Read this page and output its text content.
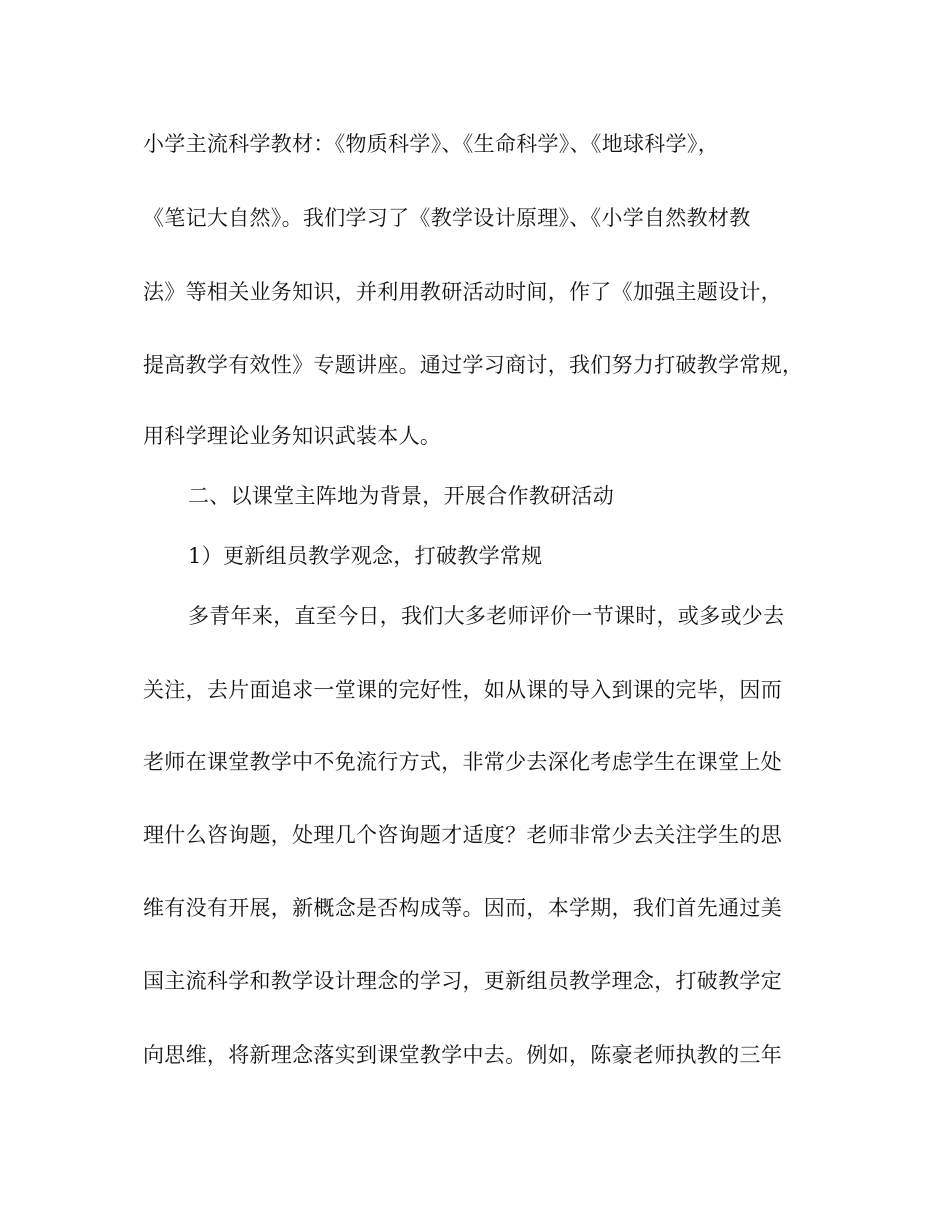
小学主流科学教材：《物质科学》、《生命科学》、《地球科学》，
《笔记大自然》。我们学习了《教学设计原理》、《小学自然教材教
法》等相关业务知识，并利用教研活动时间，作了《加强主题设计，
提高教学有效性》专题讲座。通过学习商讨，我们努力打破教学常规，
用科学理论业务知识武装本人。
二、以课堂主阵地为背景，开展合作教研活动
1）更新组员教学观念，打破教学常规
多青年来，直至今日，我们大多老师评价一节课时，或多或少去
关注，去片面追求一堂课的完好性，如从课的导入到课的完毕，因而
老师在课堂教学中不免流行方式，非常少去深化考虑学生在课堂上处
理什么咨询题，处理几个咨询题才适度？老师非常少去关注学生的思
维有没有开展，新概念是否构成等。因而，本学期，我们首先通过美
国主流科学和教学设计理念的学习，更新组员教学理念，打破教学定
向思维，将新理念落实到课堂教学中去。例如，陈豪老师执教的三年
